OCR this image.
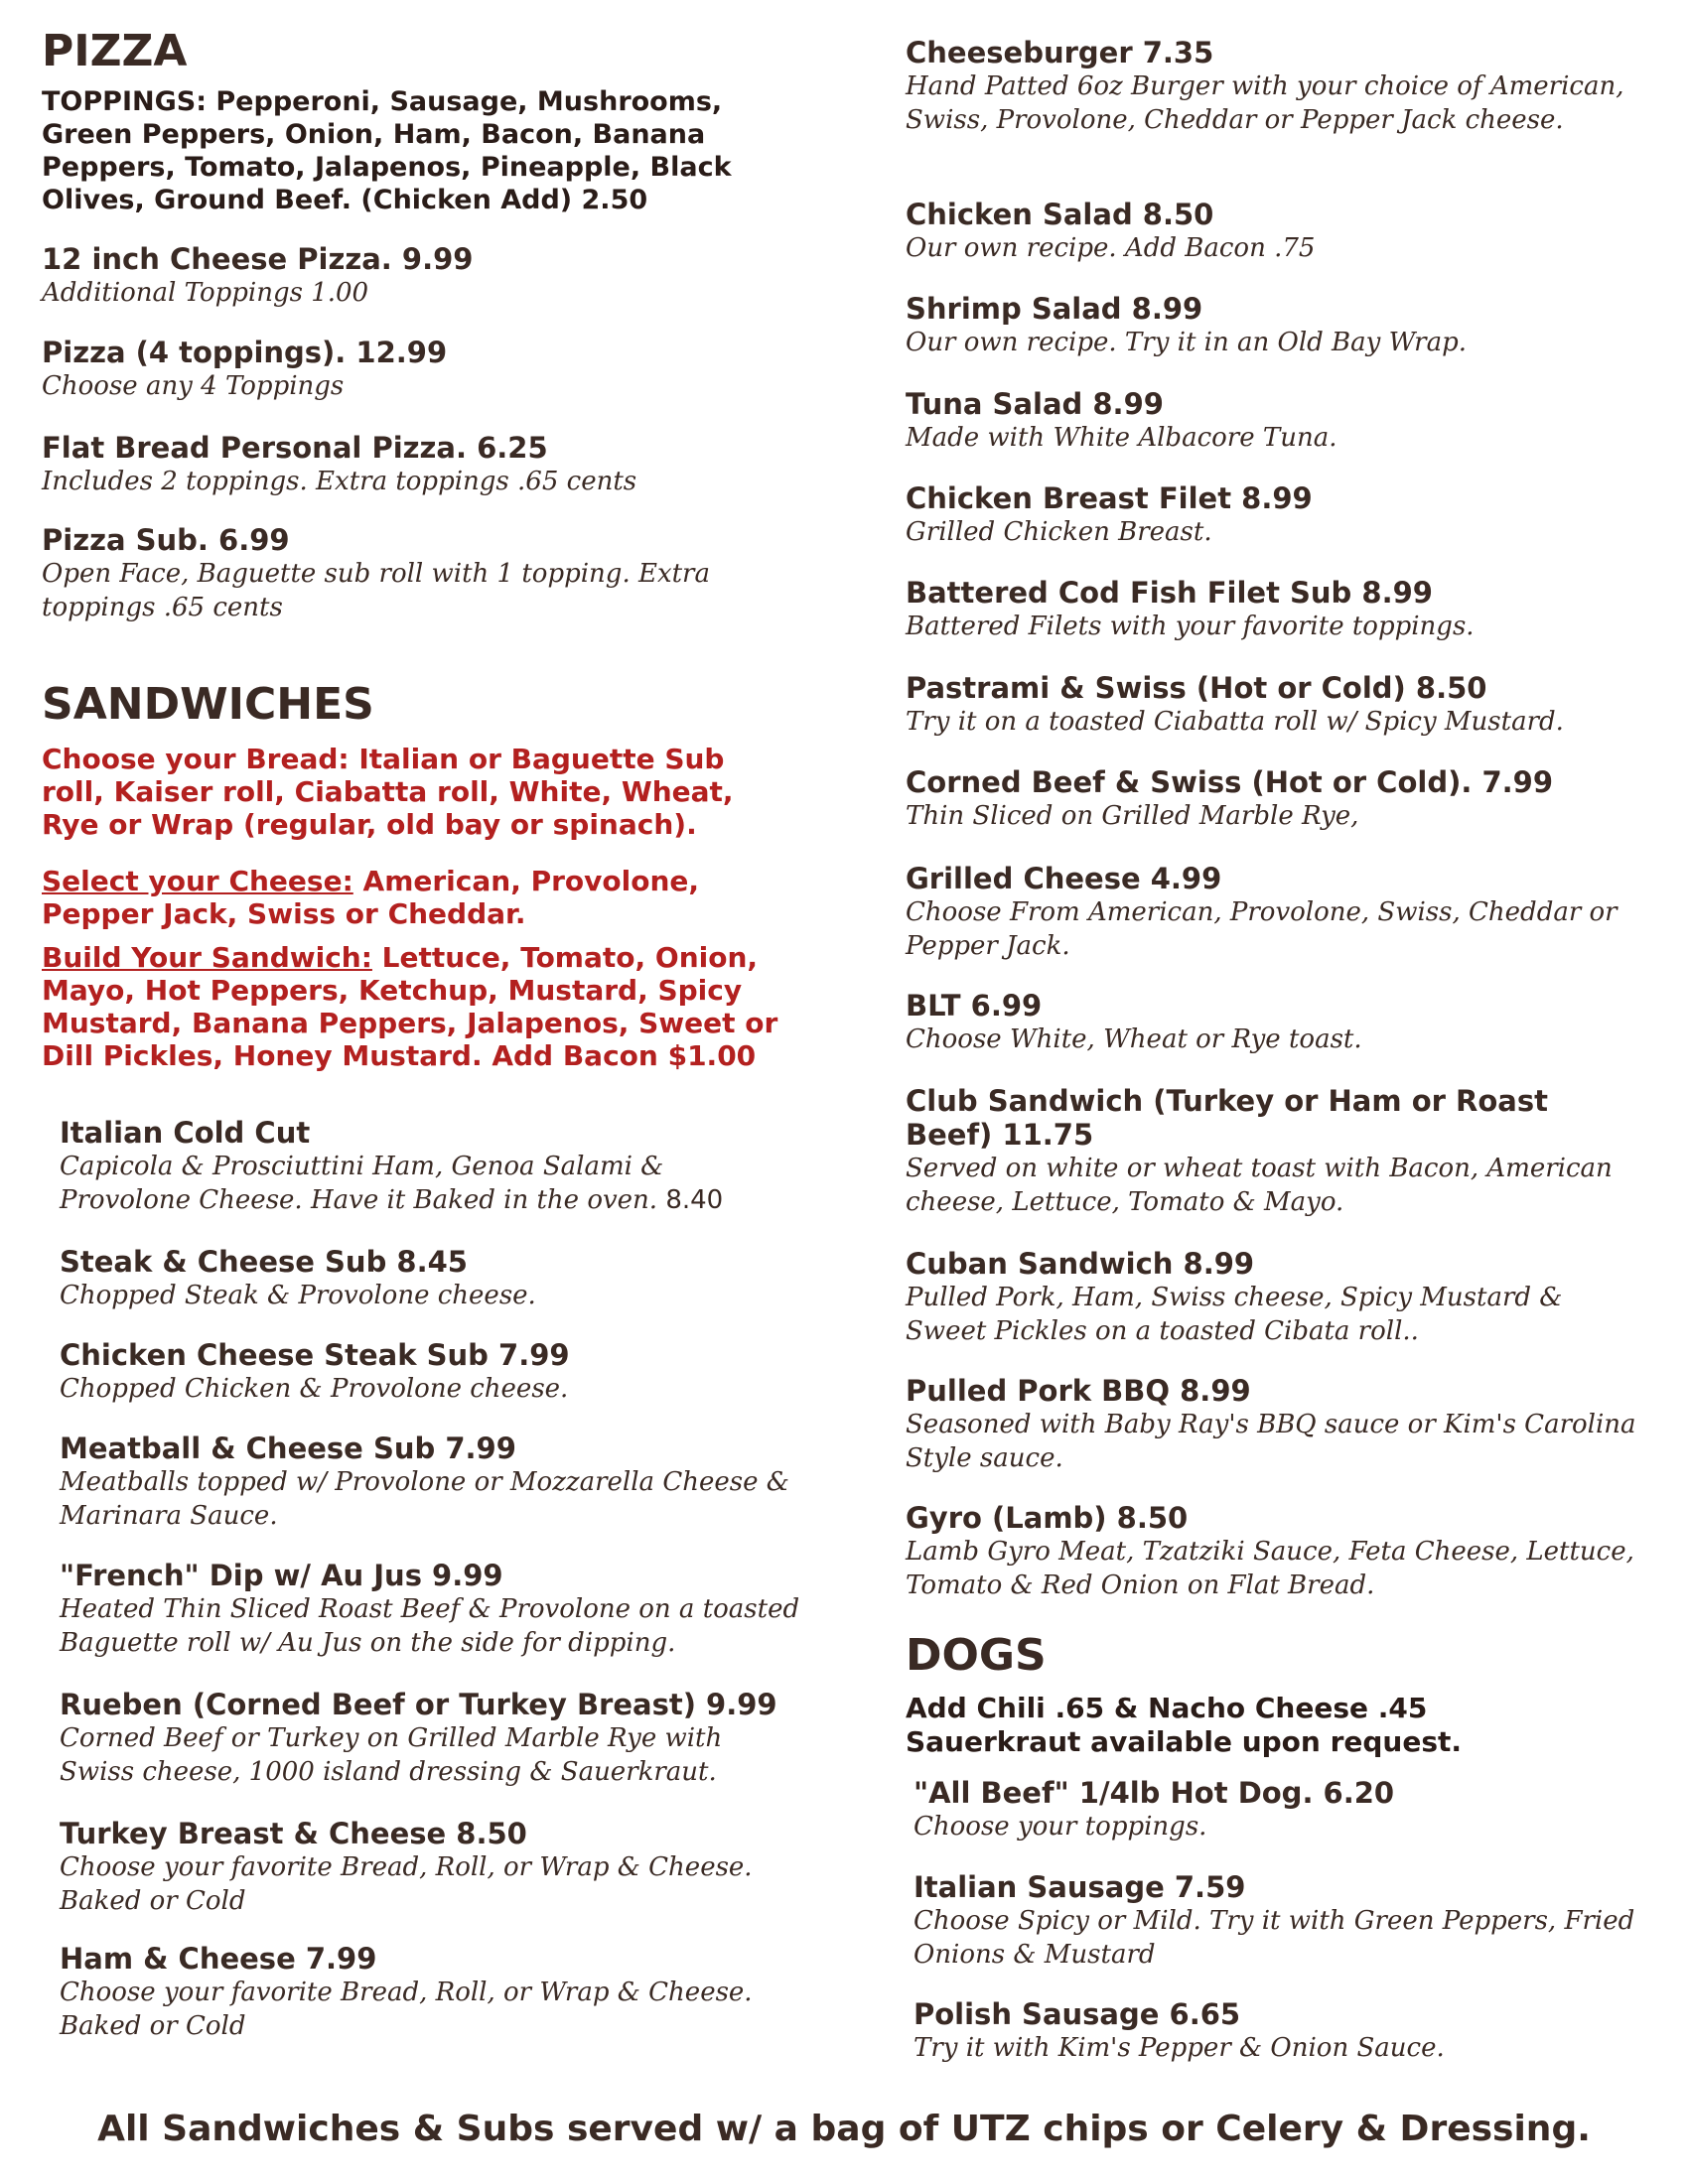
PIZZA

TOPPINGS: Pepperoni, Sausage, Mushrooms, Green Peppers, Onion, Ham, Bacon, Banana Peppers, Tomato, Jalapenos, Pineapple, Black Olives, Ground Beef. (Chicken Add) 2.50

12 inch Cheese Pizza. 9.99

Additional Toppings 1.00

Pizza (4 toppings). 12.99

Choose any 4 Toppings

Flat Bread Personal Pizza. 6.25

Includes 2 toppings. Extra toppings .65 cents

Pizza Sub. 6.99

Open Face, Baguette sub roll with 1 topping. Extra toppings .65 cents

SANDWICHES

Choose your Bread: Italian or Baguette Sub roll, Kaiser roll, Ciabatta roll, White, Wheat, Rye or Wrap (regular, old bay or spinach).

Select your Cheese: American, Provolone, Pepper Jack, Swiss or Cheddar.

Build Your Sandwich: Lettuce, Tomato, Onion, Mayo, Hot Peppers, Ketchup, Mustard, Spicy Mustard, Banana Peppers, Jalapenos, Sweet or Dill Pickles, Honey Mustard. Add Bacon $1.00

Italian Cold Cut

Capicola & Prosciuttini Ham, Genoa Salami & Provolone Cheese. Have it Baked in the oven. 8.40

Steak & Cheese Sub 8.45

Chopped Steak & Provolone cheese.

Chicken Cheese Steak Sub 7.99

Chopped Chicken & Provolone cheese.

Meatball & Cheese Sub 7.99

Meatballs topped w/ Provolone or Mozzarella Cheese & Marinara Sauce.

"French" Dip w/ Au Jus 9.99

Heated Thin Sliced Roast Beef & Provolone on a toasted Baguette roll w/ Au Jus on the side for dipping.

Rueben (Corned Beef or Turkey Breast) 9.99

Corned Beef or Turkey on Grilled Marble Rye with Swiss cheese, 1000 island dressing & Sauerkraut.

Turkey Breast & Cheese 8.50

Choose your favorite Bread, Roll, or Wrap & Cheese. Baked or Cold

Ham & Cheese 7.99

Choose your favorite Bread, Roll, or Wrap & Cheese. Baked or Cold

Cheeseburger 7.35

Hand Patted 6oz Burger with your choice of American, Swiss, Provolone, Cheddar or Pepper Jack cheese.

Chicken Salad 8.50

Our own recipe. Add Bacon .75

Shrimp Salad 8.99

Our own recipe. Try it in an Old Bay Wrap.

Tuna Salad 8.99

Made with White Albacore Tuna.

Chicken Breast Filet 8.99

Grilled Chicken Breast.

Battered Cod Fish Filet Sub 8.99

Battered Filets with your favorite toppings.

Pastrami & Swiss (Hot or Cold) 8.50

Try it on a toasted Ciabatta roll w/ Spicy Mustard.

Corned Beef & Swiss (Hot or Cold). 7.99

Thin Sliced on Grilled Marble Rye,

Grilled Cheese 4.99

Choose From American, Provolone, Swiss, Cheddar or Pepper Jack.

BLT 6.99

Choose White, Wheat or Rye toast.

Club Sandwich (Turkey or Ham or Roast Beef) 11.75

Served on white or wheat toast with Bacon, American cheese, Lettuce, Tomato & Mayo.

Cuban Sandwich 8.99

Pulled Pork, Ham, Swiss cheese, Spicy Mustard & Sweet Pickles on a toasted Cibata roll..

Pulled Pork BBQ 8.99

Seasoned with Baby Ray's BBQ sauce or Kim's Carolina Style sauce.

Gyro (Lamb) 8.50

Lamb Gyro Meat, Tzatziki Sauce, Feta Cheese, Lettuce, Tomato & Red Onion on Flat Bread.

DOGS

Add Chili .65 & Nacho Cheese .45 Sauerkraut available upon request.

"All Beef" 1/4lb Hot Dog. 6.20

Choose your toppings.

Italian Sausage 7.59

Choose Spicy or Mild. Try it with Green Peppers, Fried Onions & Mustard

Polish Sausage 6.65

Try it with Kim's Pepper & Onion Sauce.

All Sandwiches & Subs served w/ a bag of UTZ chips or Celery & Dressing.
